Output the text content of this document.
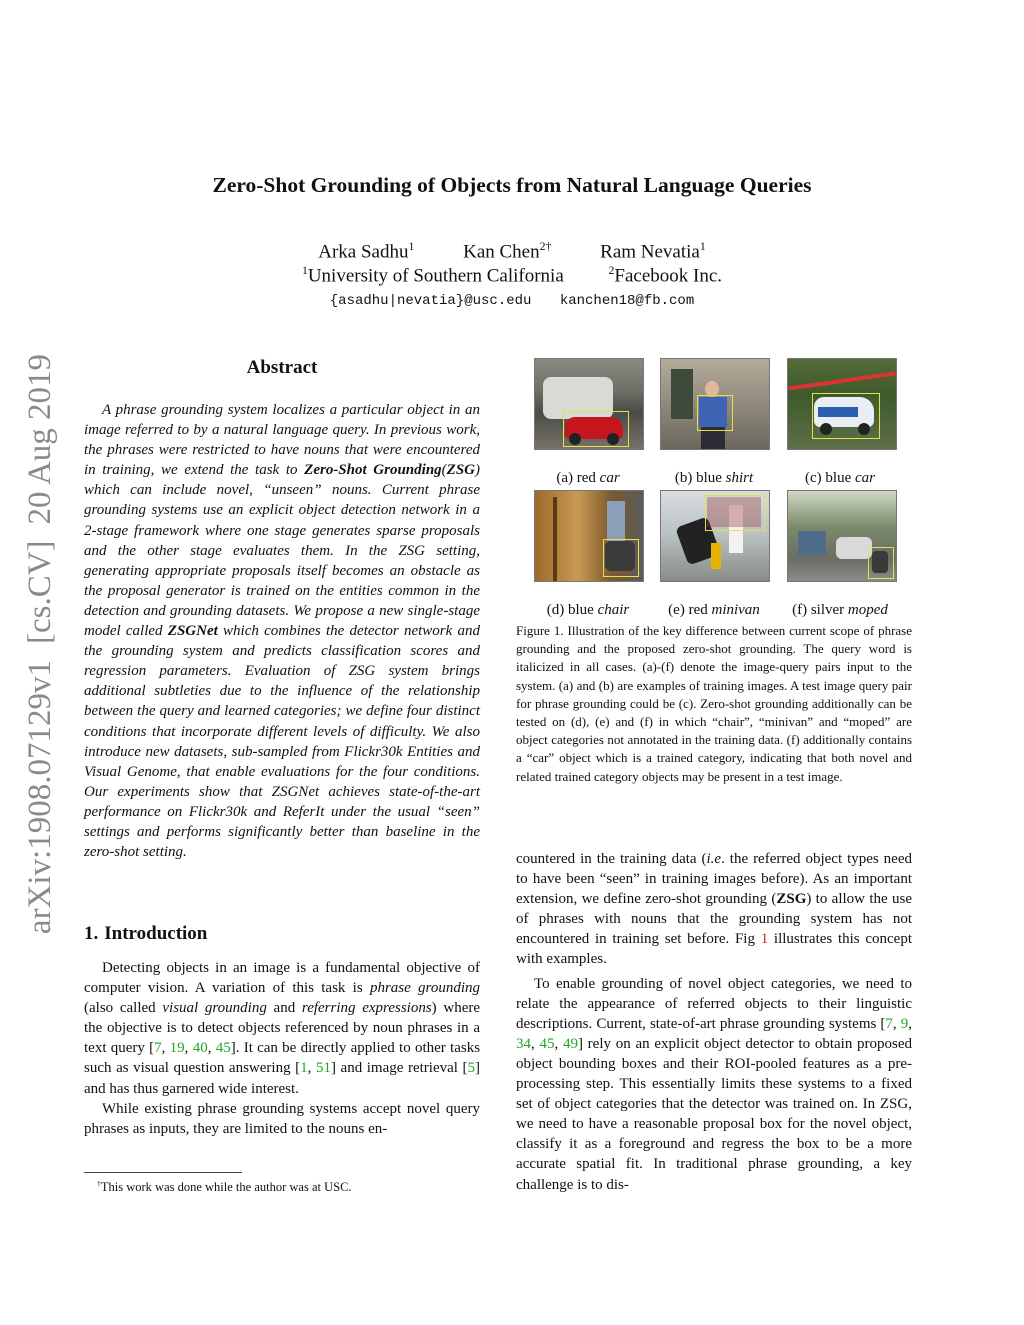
Zero-Shot Grounding of Objects from Natural Language Queries
Arka Sadhu$^1$	Kan Chen$^{2\dagger}$	Ram Nevatia$^1$
$^1$University of Southern California	$^2$Facebook Inc.
{asadhu|nevatia}@usc.edu kanchen18@fb.com
arXiv:1908.07129v1[cs.CV]20 Aug 2019	Abstract
A phrase grounding system localizes a particular object in an image referred to by a natural language query. In previous work, the phrases were restricted to have nouns that were encountered in training, we extend the task to Zero-Shot Grounding(ZSG) which can include novel, “unseen” nouns. Current phrase grounding systems use an explicit object detection network in a 2-stage framework where one stage generates sparse proposals and the other stage evaluates them. In the ZSG setting, generating appropriate proposals itself becomes an obstacle as the proposal generator is trained on the entities common in the detection and grounding datasets. We propose a new single-stage model called ZSGNet which combines the detector network and the grounding system and predicts classification scores and regression parameters. Evaluation of ZSG system brings additional subtleties due to the influence of the relationship between the query and learned categories; we define four distinct conditions that incorporate different levels of difficulty. We also introduce new datasets, sub-sampled from Flickr30k Entities and Visual Genome, that enable evaluations for the four conditions. Our experiments show that ZSGNet achieves state-of-the-art performance on Flickr30k and ReferIt under the usual “seen” settings and performs significantly better than baseline in the zero-shot setting.
1. Introduction

Detecting objects in an image is a fundamental objective of computer vision. A variation of this task is phrase grounding (also called visual grounding and referring expressions) where the objective is to detect objects referenced by noun phrases in a text query [7, 19, 40, 45]. It can be directly applied to other tasks such as visual question answering [1, 51] and image retrieval [5] and has thus garnered wide interest.

While existing phrase grounding systems accept novel query phrases as inputs, they are limited to the nouns en-

†This work was done while the author was at USC.
(a) red car	(b) blue shirt	(c) blue car
(d) blue chair	(e) red minivan	(f) silver moped
Figure 1. Illustration of the key difference between current scope of phrase grounding and the proposed zero-shot grounding. The query word is italicized in all cases. (a)-(f) denote the image-query pairs input to the system. (a) and (b) are examples of training images. A test image query pair for phrase grounding could be (c). Zero-shot grounding additionally can be tested on (d), (e) and (f) in which “chair”, “minivan” and “moped” are object categories not annotated in the training data. (f) additionally contains a “car” object which is a trained category, indicating that both novel and related trained category objects may be present in a test image.

countered in the training data (i.e. the referred object types need to have been “seen” in training images before). As an important extension, we define zero-shot grounding (ZSG) to allow the use of phrases with nouns that the grounding system has not encountered in training set before. Fig 1 illustrates this concept with examples.

To enable grounding of novel object categories, we need to relate the appearance of referred objects to their linguistic descriptions. Current, state-of-art phrase grounding systems [7, 9, 34, 45, 49] rely on an explicit object detector to obtain proposed object bounding boxes and their ROI-pooled features as a pre-processing step. This essentially limits these systems to a fixed set of object categories that the detector was trained on. In ZSG, we need to have a reasonable proposal box for the novel object, classify it as a foreground and regress the box to be a more accurate spatial fit. In traditional phrase grounding, a key challenge is to dis-
